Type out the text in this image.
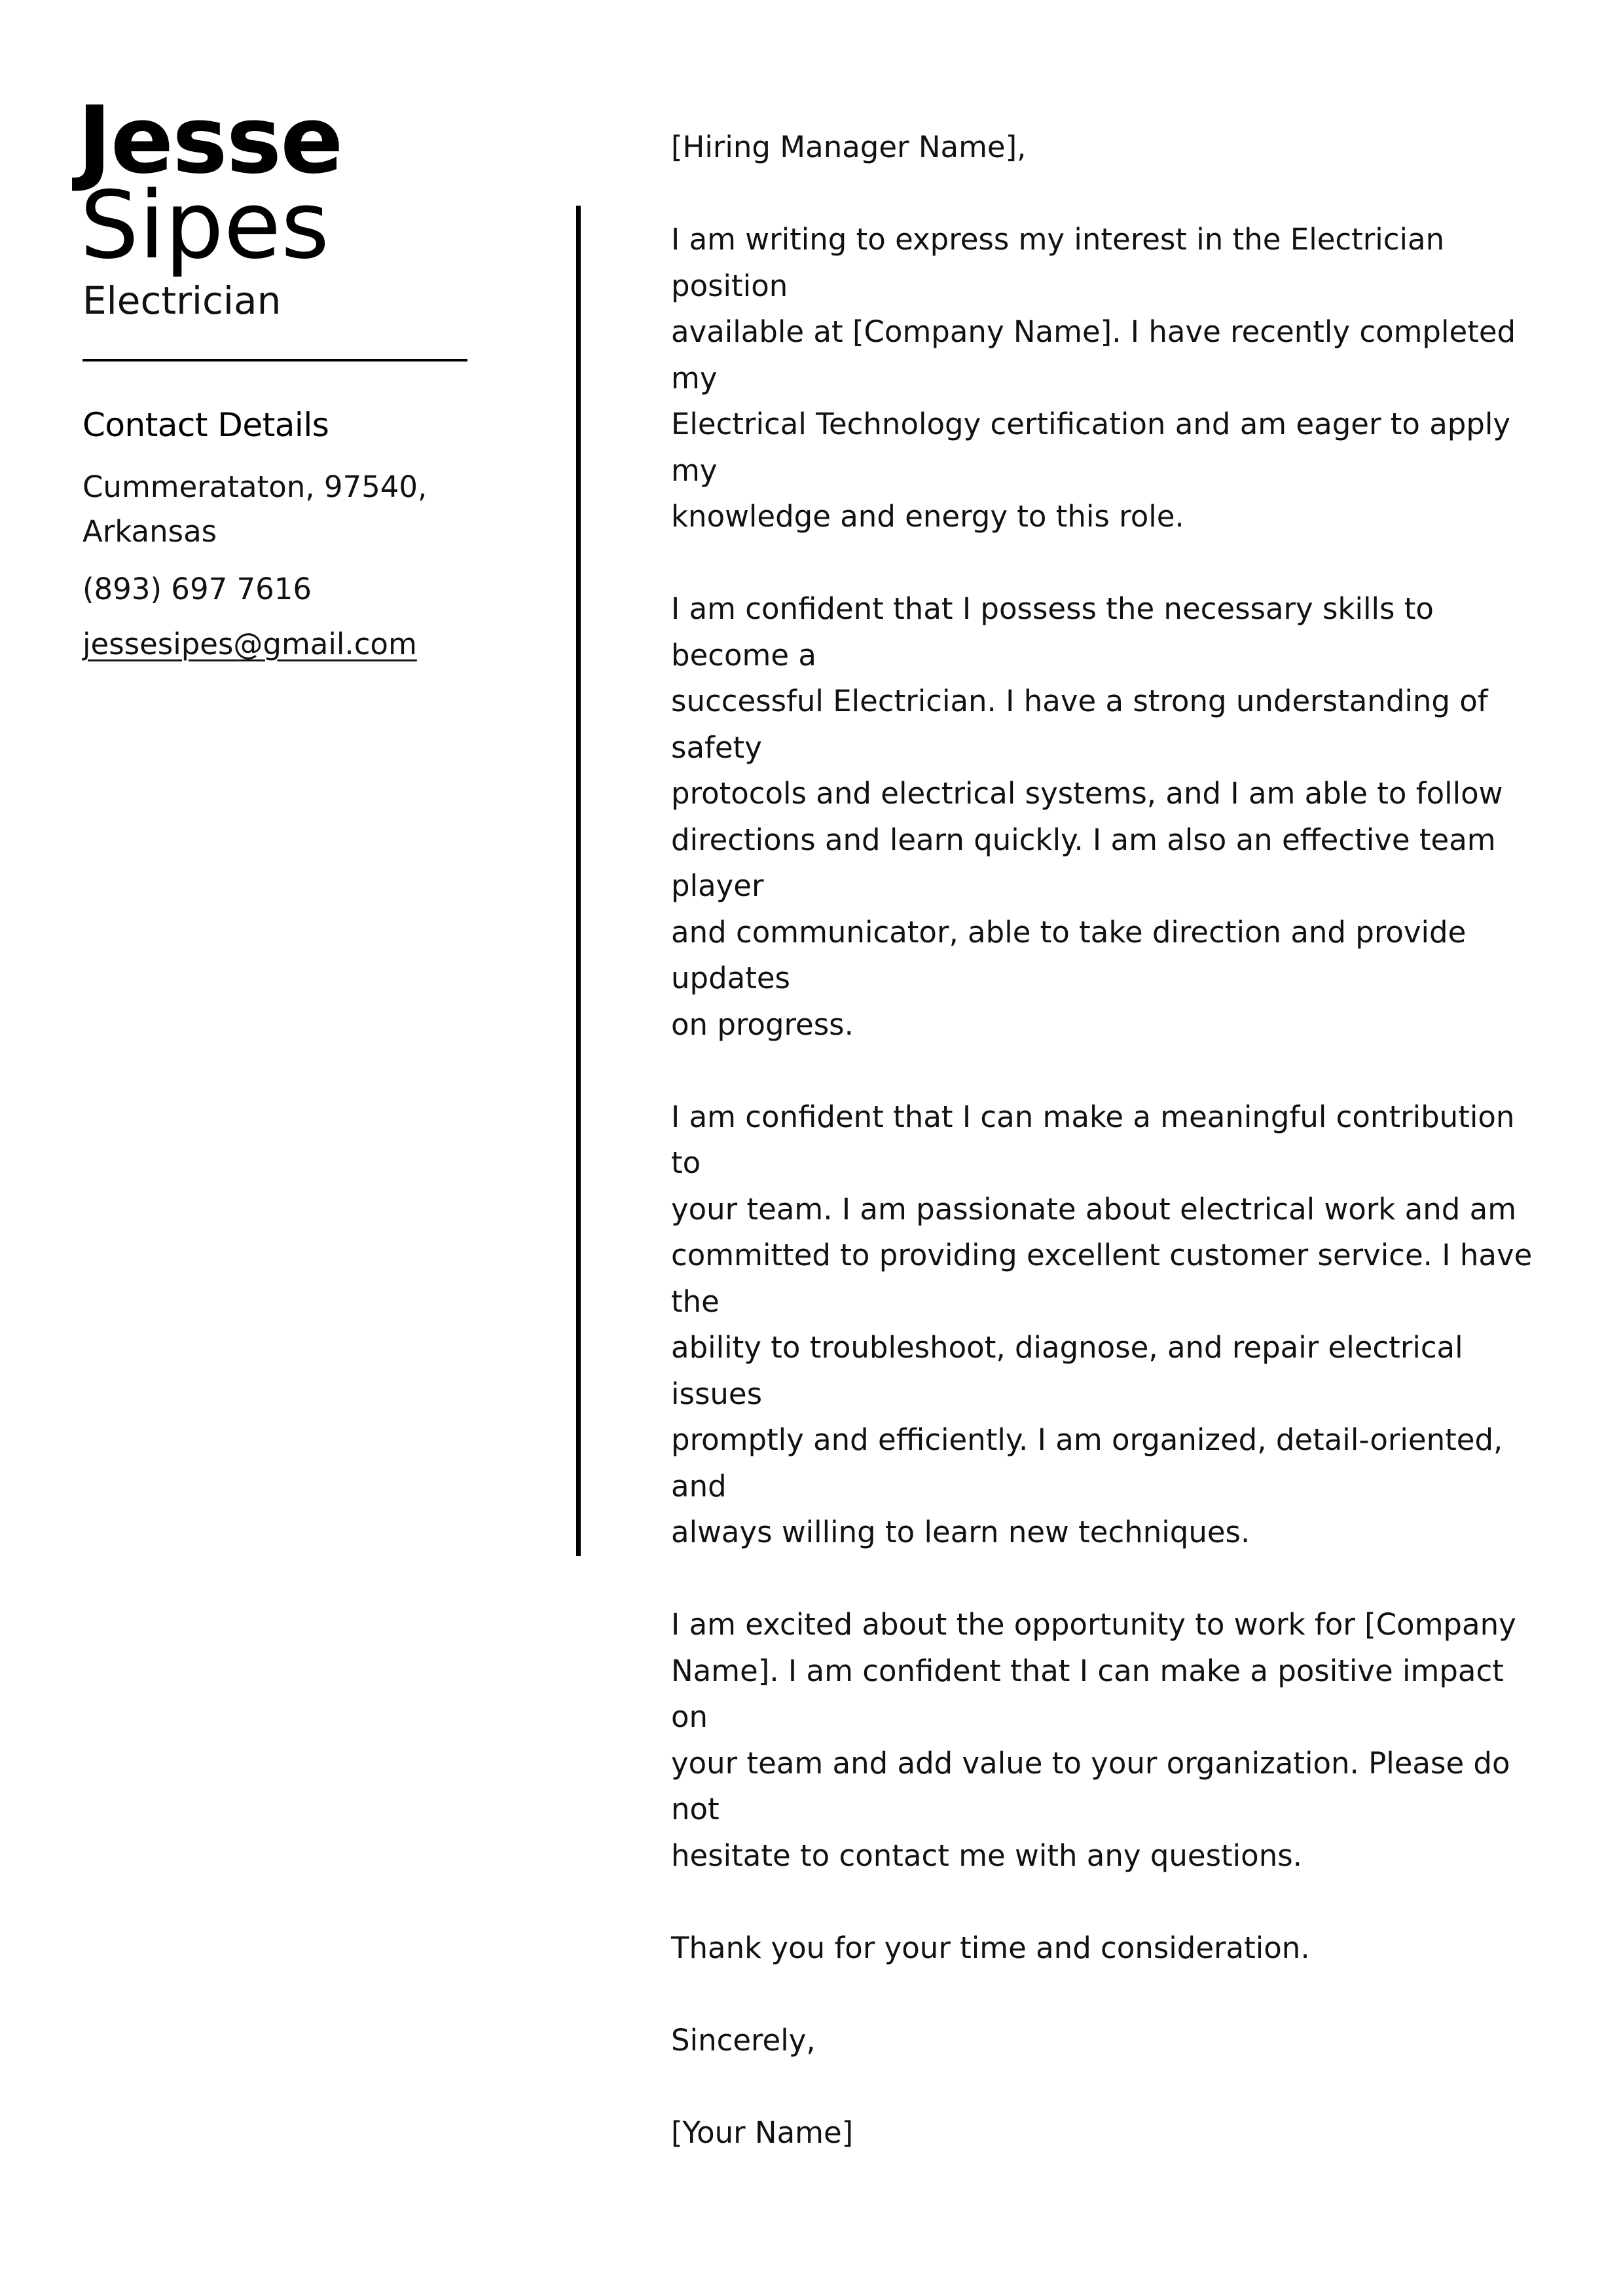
Jesse
Sipes
Electrician
Contact Details
Cummerataton, 97540,
Arkansas
(893) 697 7616
jessesipes@gmail.com

[Hiring Manager Name],

I am writing to express my interest in the Electrician position
available at [Company Name]. I have recently completed my
Electrical Technology certification and am eager to apply my
knowledge and energy to this role.

I am confident that I possess the necessary skills to become a
successful Electrician. I have a strong understanding of safety
protocols and electrical systems, and I am able to follow
directions and learn quickly. I am also an effective team player
and communicator, able to take direction and provide updates
on progress.

I am confident that I can make a meaningful contribution to
your team. I am passionate about electrical work and am
committed to providing excellent customer service. I have the
ability to troubleshoot, diagnose, and repair electrical issues
promptly and efficiently. I am organized, detail-oriented, and
always willing to learn new techniques.

I am excited about the opportunity to work for [Company
Name]. I am confident that I can make a positive impact on
your team and add value to your organization. Please do not
hesitate to contact me with any questions.

Thank you for your time and consideration.

Sincerely,

[Your Name]
